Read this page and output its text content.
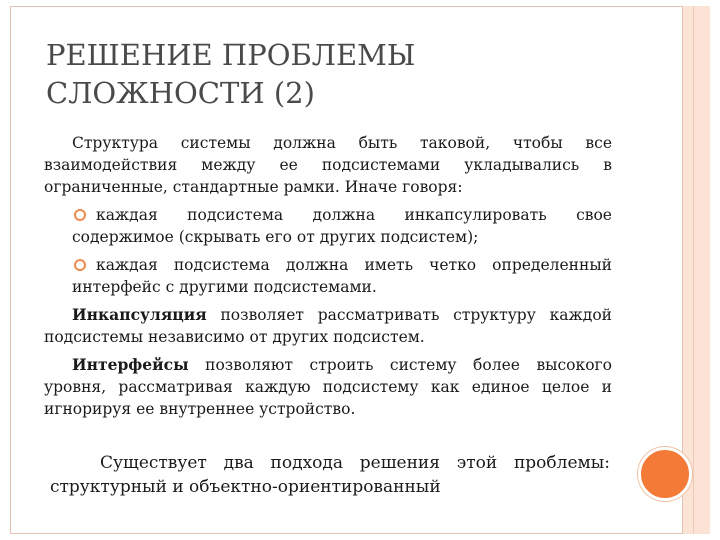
РЕШЕНИЕ ПРОБЛЕМЫ
СЛОЖНОСТИ (2)

Структура системы должна быть таковой, чтобы все взаимодействия между ее подсистемами укладывались в ограниченные, стандартные рамки. Иначе говоря:

каждая подсистема должна инкапсулировать свое содержимое (скрывать его от других подсистем);
каждая подсистема должна иметь четко определенный интерфейс с другими подсистемами.

Инкапсуляция позволяет рассматривать структуру каждой подсистемы независимо от других подсистем.

Интерфейсы позволяют строить систему более высокого уровня, рассматривая каждую подсистему как единое целое и игнорируя ее внутреннее устройство.

Существует два подхода решения этой проблемы: структурный и объектно-ориентированный
